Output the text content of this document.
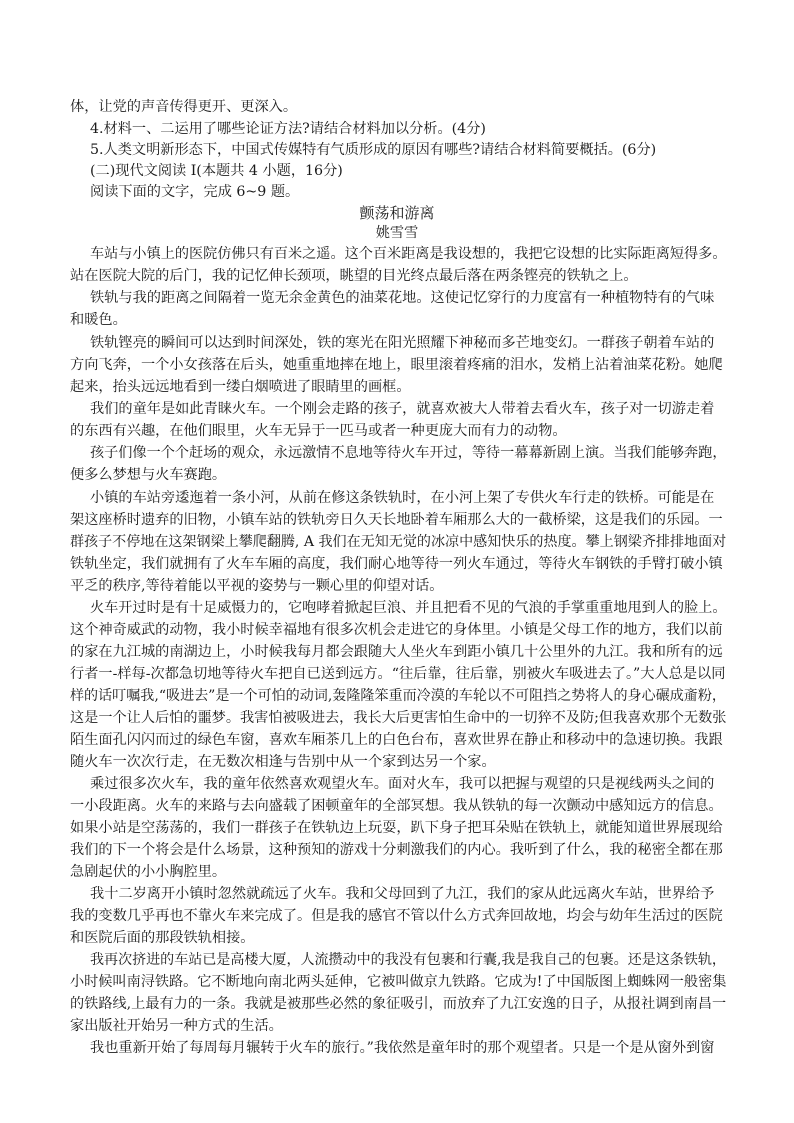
体，让党的声音传得更开、更深入。
4.材料一、二运用了哪些论证方法?请结合材料加以分析。(4分)
5.人类文明新形态下，中国式传媒特有气质形成的原因有哪些?请结合材料简要概括。(6分)
(二)现代文阅读 I(本题共 4 小题，16分)
阅读下面的文字，完成 6~9 题。
颤荡和游离
姚雪雪
车站与小镇上的医院仿佛只有百米之遥。这个百米距离是我设想的，我把它设想的比实际距离短得多。
站在医院大院的后门，我的记忆伸长颈项，眺望的目光终点最后落在两条铿亮的铁轨之上。
铁轨与我的距离之间隔着一览无余金黄色的油菜花地。这使记忆穿行的力度富有一种植物特有的气味
和暖色。
铁轨铿亮的瞬间可以达到时间深处，铁的寒光在阳光照耀下神秘而多芒地变幻。一群孩子朝着车站的
方向飞奔，一个小女孩落在后头，她重重地摔在地上，眼里滚着疼痛的泪水，发梢上沾着油菜花粉。她爬
起来，抬头远远地看到一缕白烟喷进了眼睛里的画框。
我们的童年是如此青睐火车。一个刚会走路的孩子，就喜欢被大人带着去看火车，孩子对一切游走着
的东西有兴趣，在他们眼里，火车无异于一匹马或者一种更庞大而有力的动物。
孩子们像一个个赶场的观众，永远激情不息地等待火车开过，等待一幕幕新剧上演。当我们能够奔跑，
便多么梦想与火车赛跑。
小镇的车站旁逶迤着一条小河，从前在修这条铁轨时，在小河上架了专供火车行走的铁桥。可能是在
架这座桥时遗弃的旧物，小镇车站的铁轨旁日久天长地卧着车厢那么大的一截桥梁，这是我们的乐园。一
群孩子不停地在这架钢梁上攀爬翻腾, A 我们在无知无觉的冰凉中感知快乐的热度。攀上钢梁齐排排地面对
铁轨坐定，我们就拥有了火车车厢的高度，我们耐心地等待一列火车通过，等待火车钢铁的手臂打破小镇
平乏的秩序,等待着能以平视的姿势与一颗心里的仰望对话。
火车开过时是有十足威慑力的，它咆哮着掀起巨浪、并且把看不见的气浪的手掌重重地甩到人的脸上。
这个神奇威武的动物，我小时候幸福地有很多次机会走进它的身体里。小镇是父母工作的地方，我们以前
的家在九江城的南湖边上，小时候我每月都会跟随大人坐火车到距小镇几十公里外的九江。我和所有的远
行者一-样每-次都急切地等待火车把自已送到远方。“往后靠，往后靠，别被火车吸进去了。”大人总是以同
样的话叮嘱我,“吸进去”是一个可怕的动词,轰隆隆笨重而冷漠的车轮以不可阻挡之势将人的身心碾成齑粉，
这是一个让人后怕的噩梦。我害怕被吸进去，我长大后更害怕生命中的一切猝不及防;但我喜欢那个无数张
陌生面孔闪闪而过的绿色车窗，喜欢车厢茶几上的白色台布，喜欢世界在静止和移动中的急速切换。我跟
随火车一次次行走，在无数次相逢与告别中从一个家到达另一个家。
乘过很多次火车，我的童年依然喜欢观望火车。面对火车，我可以把握与观望的只是视线两头之间的
一小段距离。火车的来路与去向盛载了困顿童年的全部冥想。我从铁轨的每一次颤动中感知远方的信息。
如果小站是空荡荡的，我们一群孩子在铁轨边上玩耍，趴下身子把耳朵贴在铁轨上，就能知道世界展现给
我们的下一个将会是什么场景，这种预知的游戏十分刺激我们的内心。我听到了什么，我的秘密全都在那
急剧起伏的小小胸腔里。
我十二岁离开小镇时忽然就疏远了火车。我和父母回到了九江，我们的家从此远离火车站，世界给予
我的变数几乎再也不靠火车来完成了。但是我的感官不管以什么方式奔回故地，均会与幼年生活过的医院
和医院后面的那段铁轨相接。
我再次挤进的车站已是高楼大厦，人流攒动中的我没有包裹和行囊,我是我自己的包裹。还是这条铁轨，
小时候叫南浔铁路。它不断地向南北两头延伸，它被叫做京九铁路。它成为!了中国版图上蜘蛛网一般密集
的铁路线,上最有力的一条。我就是被那些必然的象征吸引，而放弃了九江安逸的日子，从报社调到南昌一
家出版社开始另一种方式的生活。
我也重新开始了每周每月辗转于火车的旅行。”我依然是童年时的那个观望者。只是一个是从窗外到窗
